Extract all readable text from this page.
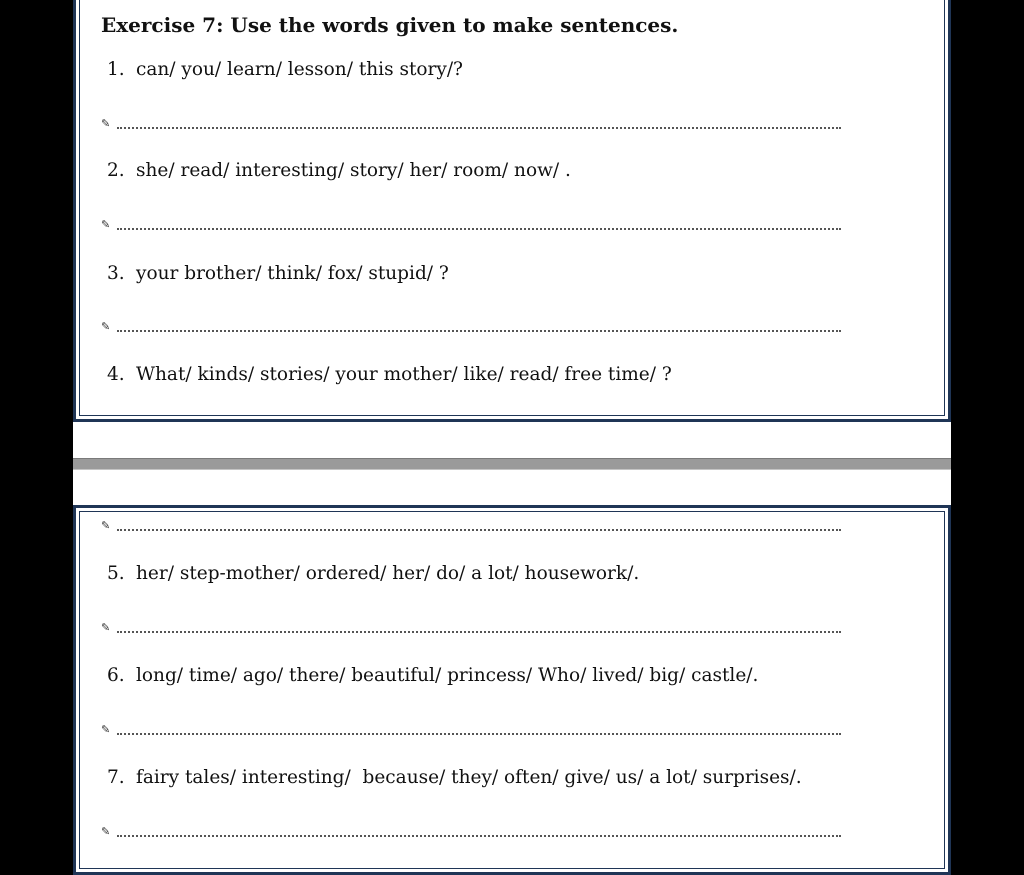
Exercise 7: Use the words given to make sentences.
1. can/ you/ learn/ lesson/ this story/?
✎
2. she/ read/ interesting/ story/ her/ room/ now/ .
✎
3. your brother/ think/ fox/ stupid/ ?
✎
4. What/ kinds/ stories/ your mother/ like/ read/ free time/ ?
✎
5. her/ step-mother/ ordered/ her/ do/ a lot/ housework/.
✎
6. long/ time/ ago/ there/ beautiful/ princess/ Who/ lived/ big/ castle/.
✎
7. fairy tales/ interesting/  because/ they/ often/ give/ us/ a lot/ surprises/.
✎
